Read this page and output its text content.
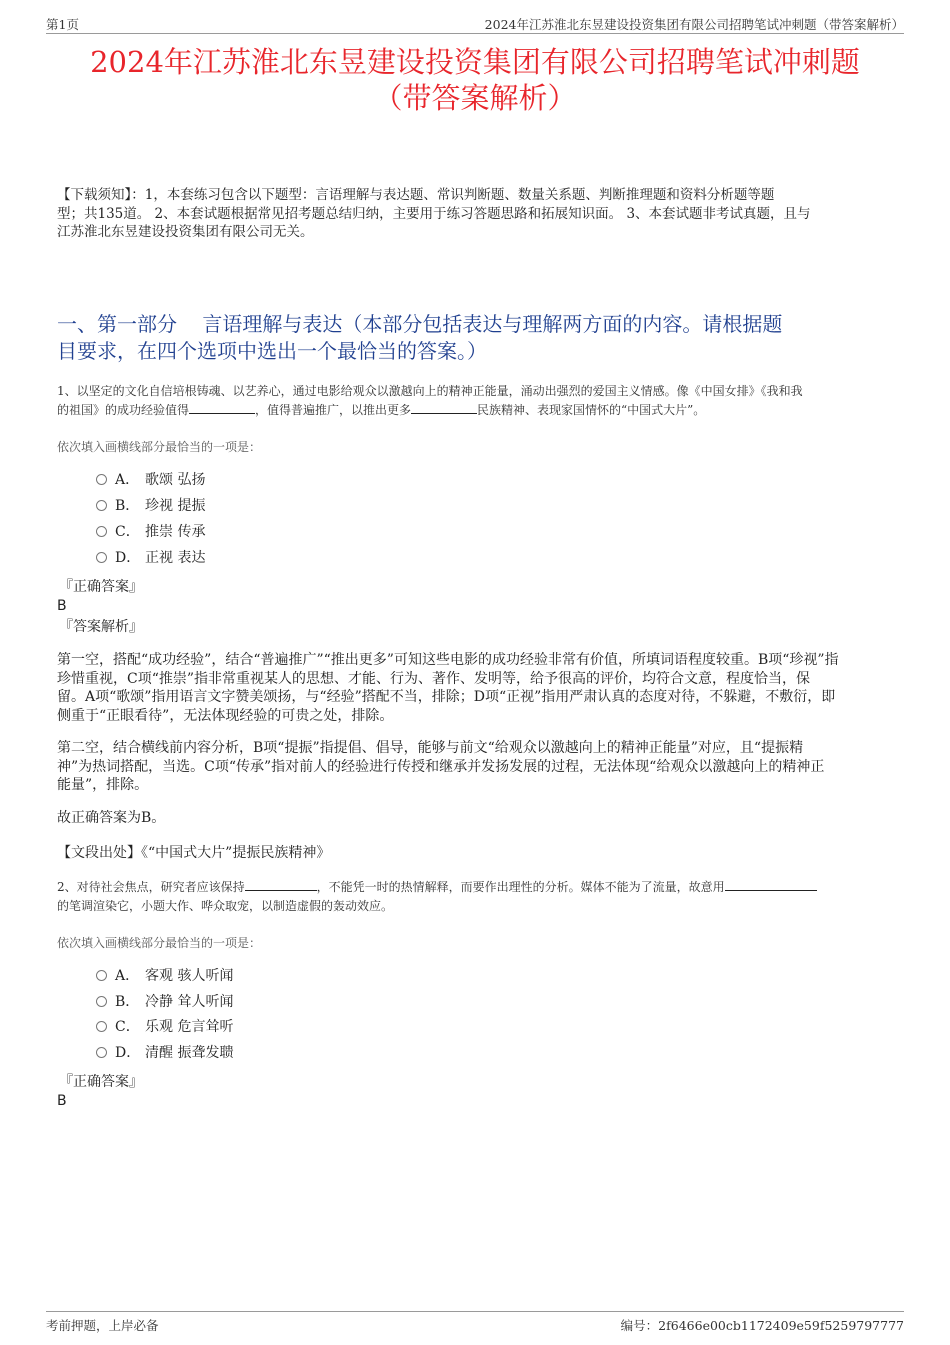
第1页	2024年江苏淮北东昱建设投资集团有限公司招聘笔试冲刺题（带答案解析）
2024年江苏淮北东昱建设投资集团有限公司招聘笔试冲刺题
（带答案解析）
【下载须知】：1，本套练习包含以下题型：言语理解与表达题、常识判断题、数量关系题、判断推理题和资料分析题等题
型；共135道。 2、本套试题根据常见招考题总结归纳，主要用于练习答题思路和拓展知识面。 3、本套试题非考试真题，且与
江苏淮北东昱建设投资集团有限公司无关。
一、第一部分    言语理解与表达（本部分包括表达与理解两方面的内容。请根据题
目要求，在四个选项中选出一个最恰当的答案。）
1、以坚定的文化自信培根铸魂、以艺养心，通过电影给观众以激越向上的精神正能量，涌动出强烈的爱国主义情感。像《中国女排》《我和我
的祖国》的成功经验值得	，值得普遍推广，以推出更多	民族精神、表现家国情怀的“中国式大片”。
依次填入画横线部分最恰当的一项是：
A． 歌颂 弘扬
B． 珍视 提振
C． 推崇 传承
D． 正视 表达
『正确答案』
B
『答案解析』
第一空，搭配“成功经验”，结合“普遍推广”“推出更多”可知这些电影的成功经验非常有价值，所填词语程度较重。B项“珍视”指
珍惜重视，C项“推崇”指非常重视某人的思想、才能、行为、著作、发明等，给予很高的评价，均符合文意，程度恰当，保
留。A项“歌颂”指用语言文字赞美颂扬，与“经验”搭配不当，排除；D项“正视”指用严肃认真的态度对待，不躲避，不敷衍，即
侧重于“正眼看待”，无法体现经验的可贵之处，排除。
第二空，结合横线前内容分析，B项“提振”指提倡、倡导，能够与前文“给观众以激越向上的精神正能量”对应，且“提振精
神”为热词搭配，当选。C项“传承”指对前人的经验进行传授和继承并发扬发展的过程，无法体现“给观众以激越向上的精神正
能量”，排除。
故正确答案为B。
【文段出处】《“中国式大片”提振民族精神》
2、对待社会焦点，研究者应该保持	，不能凭一时的热情解释，而要作出理性的分析。媒体不能为了流量，故意用
的笔调渲染它，小题大作、哗众取宠，以制造虚假的轰动效应。
依次填入画横线部分最恰当的一项是：
A． 客观 骇人听闻
B． 冷静 耸人听闻
C． 乐观 危言耸听
D． 清醒 振聋发聩
『正确答案』
B
考前押题，上岸必备	编号：2f6466e00cb1172409e59f5259797777
